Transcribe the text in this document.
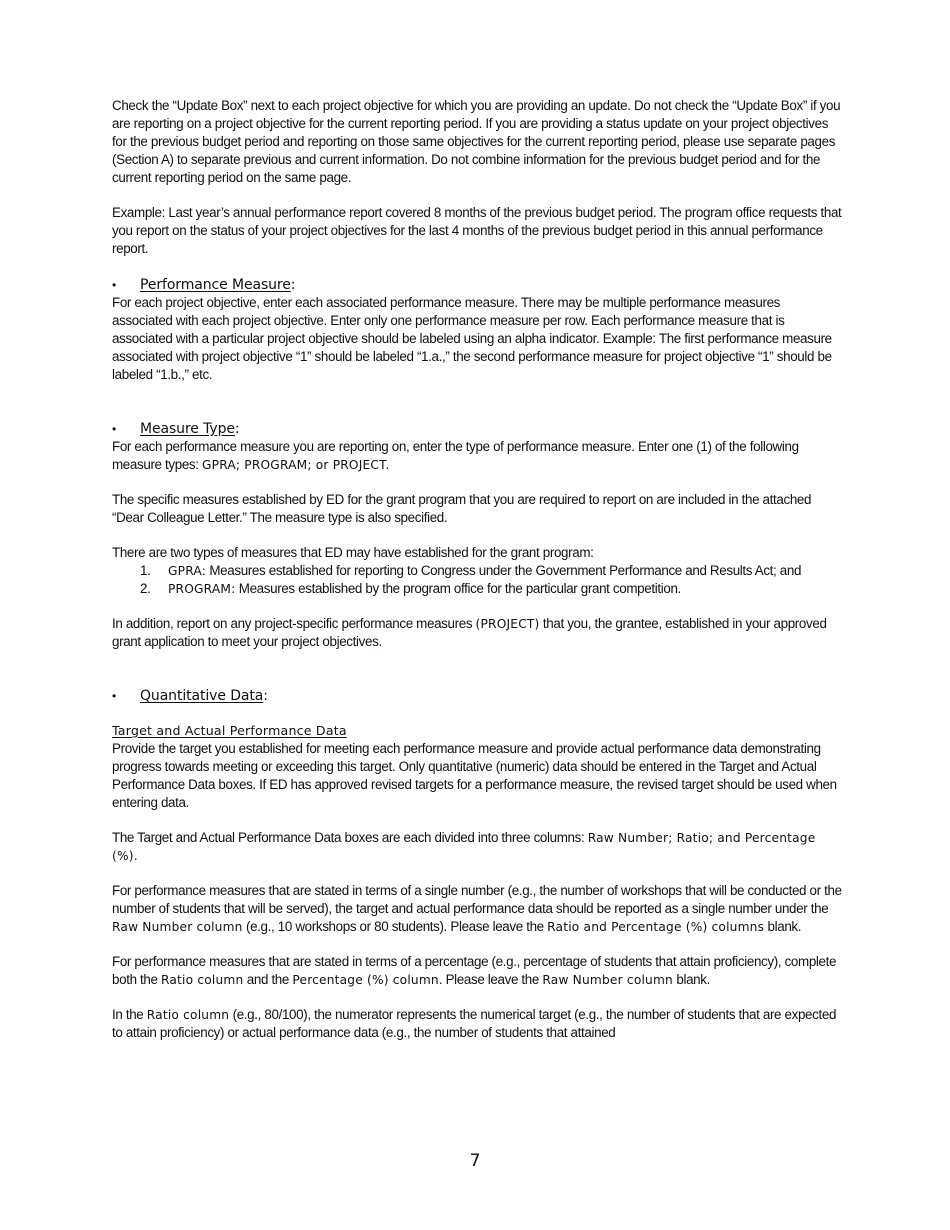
Check the “Update Box” next to each project objective for which you are providing an update. Do not check the “Update Box” if you are reporting on a project objective for the current reporting period. If you are providing a status update on your project objectives for the previous budget period and reporting on those same objectives for the current reporting period, please use separate pages (Section A) to separate previous and current information. Do not combine information for the previous budget period and for the current reporting period on the same page.

Example: Last year’s annual performance report covered 8 months of the previous budget period. The program office requests that you report on the status of your project objectives for the last 4 months of the previous budget period in this annual performance report.

•	Performance Measure:

For each project objective, enter each associated performance measure. There may be multiple performance measures associated with each project objective. Enter only one performance measure per row. Each performance measure that is associated with a particular project objective should be labeled using an alpha indicator. Example: The first performance measure associated with project objective “1” should be labeled “1.a.,” the second performance measure for project objective “1” should be labeled “1.b.,” etc.

•	Measure Type:

For each performance measure you are reporting on, enter the type of performance measure. Enter one (1) of the following measure types: GPRA; PROGRAM; or PROJECT.

The specific measures established by ED for the grant program that you are required to report on are included in the attached “Dear Colleague Letter.” The measure type is also specified.

There are two types of measures that ED may have established for the grant program:

1.	GPRA: Measures established for reporting to Congress under the Government Performance and Results Act; and
2.	PROGRAM: Measures established by the program office for the particular grant competition.

In addition, report on any project-specific performance measures (PROJECT) that you, the grantee, established in your approved grant application to meet your project objectives.

•	Quantitative Data:

Target and Actual Performance Data

Provide the target you established for meeting each performance measure and provide actual performance data demonstrating progress towards meeting or exceeding this target. Only quantitative (numeric) data should be entered in the Target and Actual Performance Data boxes. If ED has approved revised targets for a performance measure, the revised target should be used when entering data.

The Target and Actual Performance Data boxes are each divided into three columns: Raw Number; Ratio; and Percentage (%).

For performance measures that are stated in terms of a single number (e.g., the number of workshops that will be conducted or the number of students that will be served), the target and actual performance data should be reported as a single number under the Raw Number column (e.g., 10 workshops or 80 students). Please leave the Ratio and Percentage (%) columns blank.

For performance measures that are stated in terms of a percentage (e.g., percentage of students that attain proficiency), complete both the Ratio column and the Percentage (%) column. Please leave the Raw Number column blank.

In the Ratio column (e.g., 80/100), the numerator represents the numerical target (e.g., the number of students that are expected to attain proficiency) or actual performance data (e.g., the number of students that attained

7
